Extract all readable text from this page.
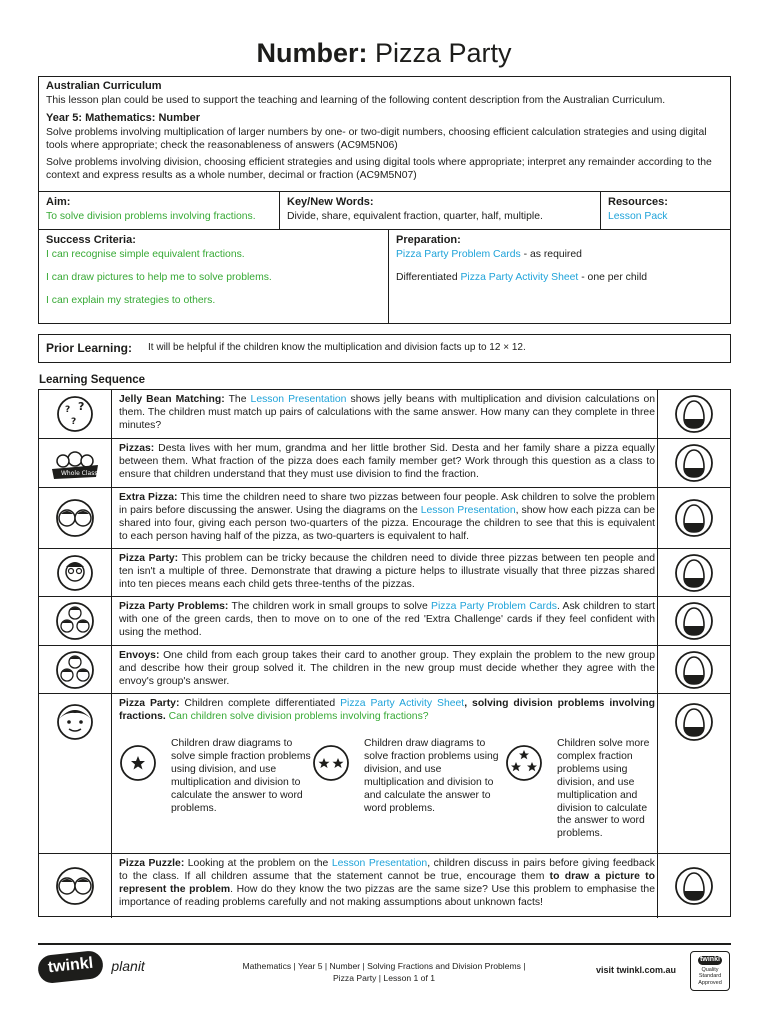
Number: Pizza Party
Australian Curriculum
This lesson plan could be used to support the teaching and learning of the following content description from the Australian Curriculum.
Year 5: Mathematics: Number
Solve problems involving multiplication of larger numbers by one- or two-digit numbers, choosing efficient calculation strategies and using digital tools where appropriate; check the reasonableness of answers (AC9M5N06)
Solve problems involving division, choosing efficient strategies and using digital tools where appropriate; interpret any remainder according to the context and express results as a whole number, decimal or fraction (AC9M5N07)
Aim:
To solve division problems involving fractions.
Key/New Words:
Divide, share, equivalent fraction, quarter, half, multiple.
Resources:
Lesson Pack
Success Criteria:
I can recognise simple equivalent fractions.
I can draw pictures to help me to solve problems.
I can explain my strategies to others.
Preparation:
Pizza Party Problem Cards - as required
Differentiated Pizza Party Activity Sheet - one per child
Prior Learning: It will be helpful if the children know the multiplication and division facts up to 12 × 12.
Learning Sequence
? ?
?
Jelly Bean Matching: The Lesson Presentation shows jelly beans with multiplication and division calculations on them. The children must match up pairs of calculations with the same answer. How many can they complete in three minutes?
Whole Class
Pizzas: Desta lives with her mum, grandma and her little brother Sid. Desta and her family share a pizza equally between them. What fraction of the pizza does each family member get? Work through this question as a class to ensure that children understand that they must use division to find the fraction.
Extra Pizza: This time the children need to share two pizzas between four people. Ask children to solve the problem in pairs before discussing the answer. Using the diagrams on the Lesson Presentation, show how each pizza can be shared into four, giving each person two-quarters of the pizza. Encourage the children to see that this is equivalent to each person having half of the pizza, as two-quarters is equivalent to half.
Pizza Party: This problem can be tricky because the children need to divide three pizzas between ten people and ten isn't a multiple of three. Demonstrate that drawing a picture helps to illustrate visually that three pizzas shared into ten pieces means each child gets three-tenths of the pizzas.
Pizza Party Problems: The children work in small groups to solve Pizza Party Problem Cards. Ask children to start with one of the green cards, then to move on to one of the red 'Extra Challenge' cards if they feel confident with using the method.
Envoys: One child from each group takes their card to another group. They explain the problem to the new group and describe how their group solved it. The children in the new group must decide whether they agree with the envoy's group's answer.
Pizza Party: Children complete differentiated Pizza Party Activity Sheet, solving division problems involving fractions. Can children solve division problems involving fractions?
Children draw diagrams to solve simple fraction problems using division, and use multiplication and division to calculate the answer to word problems.
Children draw diagrams to solve fraction problems using division, and use multiplication and division to and calculate the answer to word problems.
Children solve more complex fraction problems using division, and use multiplication and division to calculate the answer to word problems.
Pizza Puzzle: Looking at the problem on the Lesson Presentation, children discuss in pairs before giving feedback to the class. If all children assume that the statement cannot be true, encourage them to draw a picture to represent the problem. How do they know the two pizzas are the same size? Use this problem to emphasise the importance of reading problems carefully and not making assumptions about unknown facts!
twinkl	planit	Mathematics | Year 5 | Number | Solving Fractions and Division Problems |
Pizza Party | Lesson 1 of 1
visit twinkl.com.au
twinkl
Quality Standard Approved
